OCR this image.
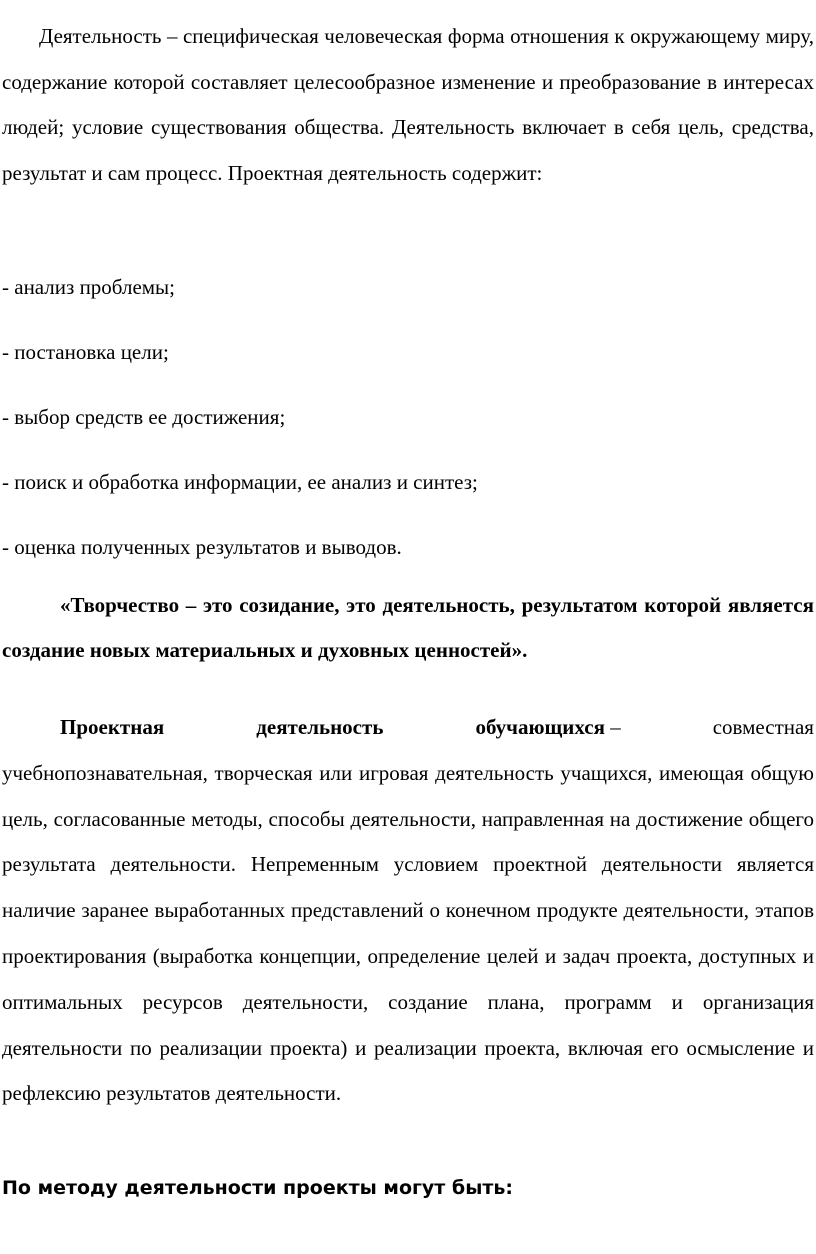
Деятельность – специфическая человеческая форма отношения к окружающему миру, содержание которой составляет целесообразное изменение и преобразование в интересах людей; условие существования общества. Деятельность включает в себя цель, средства, результат и сам процесс. Проектная деятельность содержит:

- анализ проблемы;

- постановка цели;

- выбор средств ее достижения;

- поиск и обработка информации, ее анализ и синтез;

- оценка полученных результатов и выводов.

«Творчество – это созидание, это деятельность, результатом которой является создание новых материальных и духовных ценностей».

Проектная	деятельность	обучающихся –	совместная
учебнопознавательная, творческая или игровая деятельность учащихся, имеющая общую цель, согласованные методы, способы деятельности, направленная на достижение общего результата деятельности. Непременным условием проектной деятельности является наличие заранее выработанных представлений о конечном продукте деятельности, этапов проектирования (выработка концепции, определение целей и задач проекта, доступных и оптимальных ресурсов деятельности, создание плана, программ и организация деятельности по реализации проекта) и реализации проекта, включая его осмысление и рефлексию результатов деятельности.

По методу деятельности проекты могут быть:
